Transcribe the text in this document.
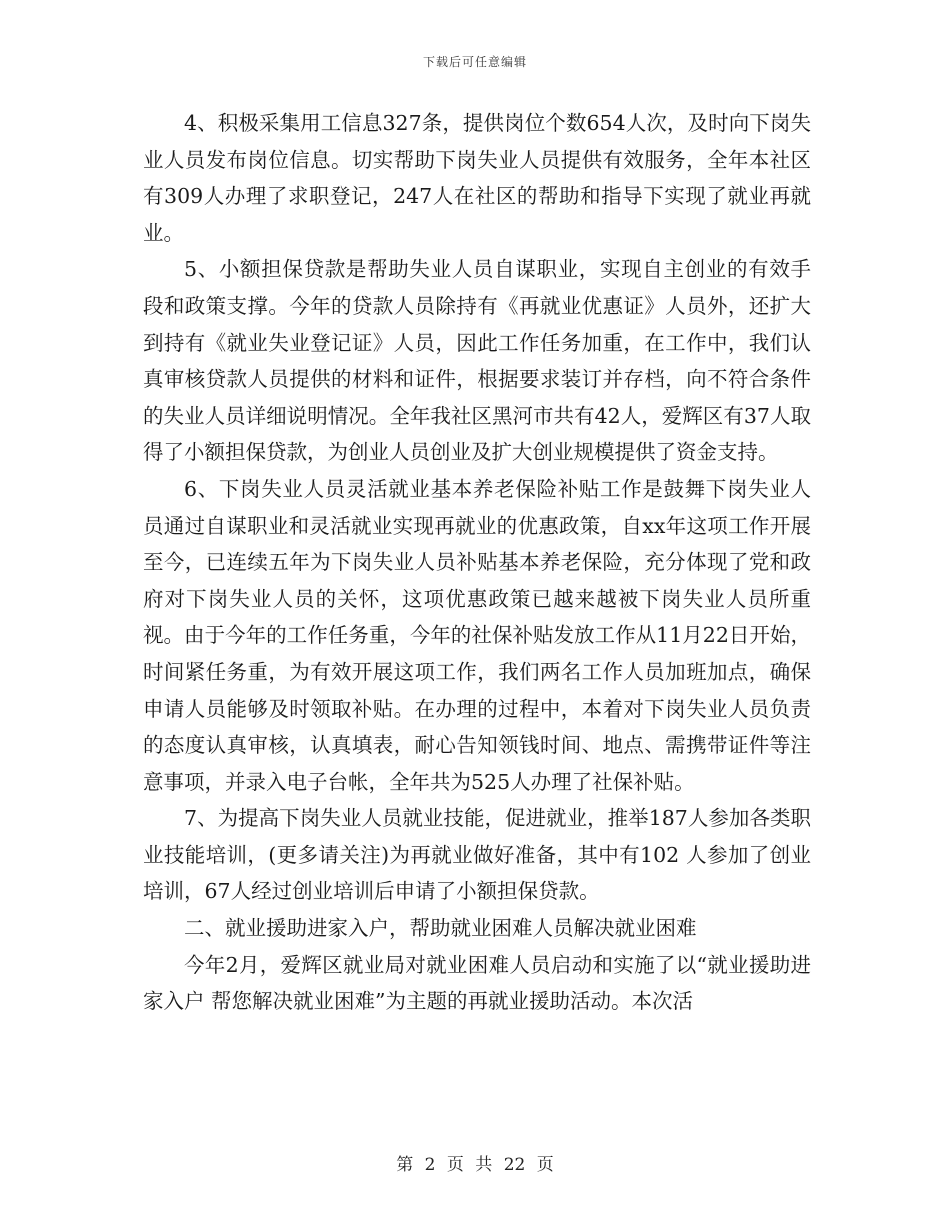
下载后可任意编辑

4、积极采集用工信息327条，提供岗位个数654人次，及时向下岗失业人员发布岗位信息。切实帮助下岗失业人员提供有效服务，全年本社区有309人办理了求职登记，247人在社区的帮助和指导下实现了就业再就业。

5、小额担保贷款是帮助失业人员自谋职业，实现自主创业的有效手段和政策支撑。今年的贷款人员除持有《再就业优惠证》人员外，还扩大到持有《就业失业登记证》人员，因此工作任务加重，在工作中，我们认真审核贷款人员提供的材料和证件，根据要求装订并存档，向不符合条件的失业人员详细说明情况。全年我社区黑河市共有42人，爱辉区有37人取得了小额担保贷款，为创业人员创业及扩大创业规模提供了资金支持。

6、下岗失业人员灵活就业基本养老保险补贴工作是鼓舞下岗失业人员通过自谋职业和灵活就业实现再就业的优惠政策，自xx年这项工作开展至今，已连续五年为下岗失业人员补贴基本养老保险，充分体现了党和政府对下岗失业人员的关怀，这项优惠政策已越来越被下岗失业人员所重视。由于今年的工作任务重，今年的社保补贴发放工作从11月22日开始，时间紧任务重，为有效开展这项工作，我们两名工作人员加班加点，确保申请人员能够及时领取补贴。在办理的过程中，本着对下岗失业人员负责的态度认真审核，认真填表，耐心告知领钱时间、地点、需携带证件等注意事项，并录入电子台帐，全年共为525人办理了社保补贴。

7、为提高下岗失业人员就业技能，促进就业，推举187人参加各类职业技能培训，(更多请关注)为再就业做好准备，其中有102 人参加了创业培训，67人经过创业培训后申请了小额担保贷款。

二、就业援助进家入户，帮助就业困难人员解决就业困难

今年2月，爱辉区就业局对就业困难人员启动和实施了以“就业援助进家入户 帮您解决就业困难”为主题的再就业援助活动。本次活

第 2 页 共 22 页
